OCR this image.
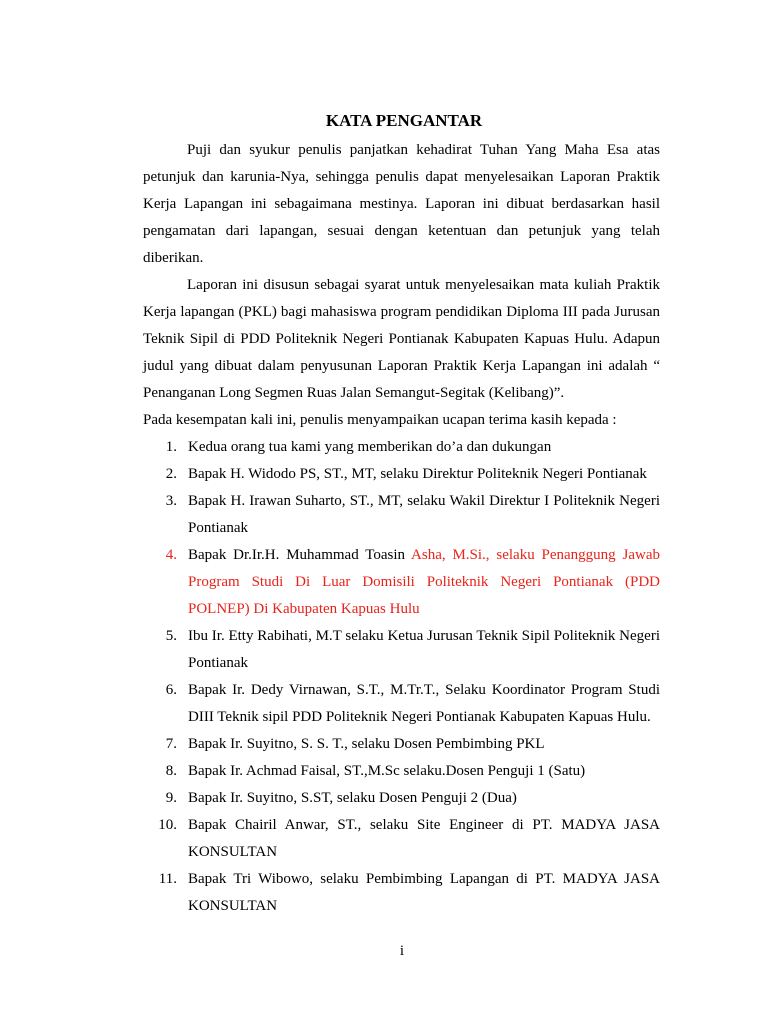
KATA PENGANTAR

Puji dan syukur penulis panjatkan kehadirat Tuhan Yang Maha Esa atas petunjuk dan karunia-Nya, sehingga penulis dapat menyelesaikan Laporan Praktik Kerja Lapangan ini sebagaimana mestinya. Laporan ini dibuat berdasarkan hasil pengamatan dari lapangan, sesuai dengan ketentuan dan petunjuk yang telah diberikan.

Laporan ini disusun sebagai syarat untuk menyelesaikan mata kuliah Praktik Kerja lapangan (PKL) bagi mahasiswa program pendidikan Diploma III pada Jurusan Teknik Sipil di PDD Politeknik Negeri Pontianak Kabupaten Kapuas Hulu. Adapun judul yang dibuat dalam penyusunan Laporan Praktik Kerja Lapangan ini adalah “ Penanganan Long Segmen Ruas Jalan Semangut-Segitak (Kelibang)”.

Pada kesempatan kali ini, penulis menyampaikan ucapan terima kasih kepada :

1. Kedua orang tua kami yang memberikan do’a dan dukungan
2. Bapak H. Widodo PS, ST., MT, selaku Direktur Politeknik Negeri Pontianak
3. Bapak H. Irawan Suharto, ST., MT, selaku Wakil Direktur I Politeknik Negeri Pontianak
4. Bapak Dr.Ir.H. Muhammad Toasin Asha, M.Si., selaku Penanggung Jawab Program Studi Di Luar Domisili Politeknik Negeri Pontianak (PDD POLNEP) Di Kabupaten Kapuas Hulu
5. Ibu Ir. Etty Rabihati, M.T selaku Ketua Jurusan Teknik Sipil Politeknik Negeri Pontianak
6. Bapak Ir. Dedy Virnawan, S.T., M.Tr.T., Selaku Koordinator Program Studi DIII Teknik sipil PDD Politeknik Negeri Pontianak Kabupaten Kapuas Hulu.
7. Bapak Ir. Suyitno, S. S. T., selaku Dosen Pembimbing PKL
8. Bapak Ir. Achmad Faisal, ST.,M.Sc selaku.Dosen Penguji 1 (Satu)
9. Bapak Ir. Suyitno, S.ST, selaku Dosen Penguji 2 (Dua)
10. Bapak Chairil Anwar, ST., selaku Site Engineer di PT. MADYA JASA KONSULTAN
11. Bapak Tri Wibowo, selaku Pembimbing Lapangan di PT. MADYA JASA KONSULTAN
i
